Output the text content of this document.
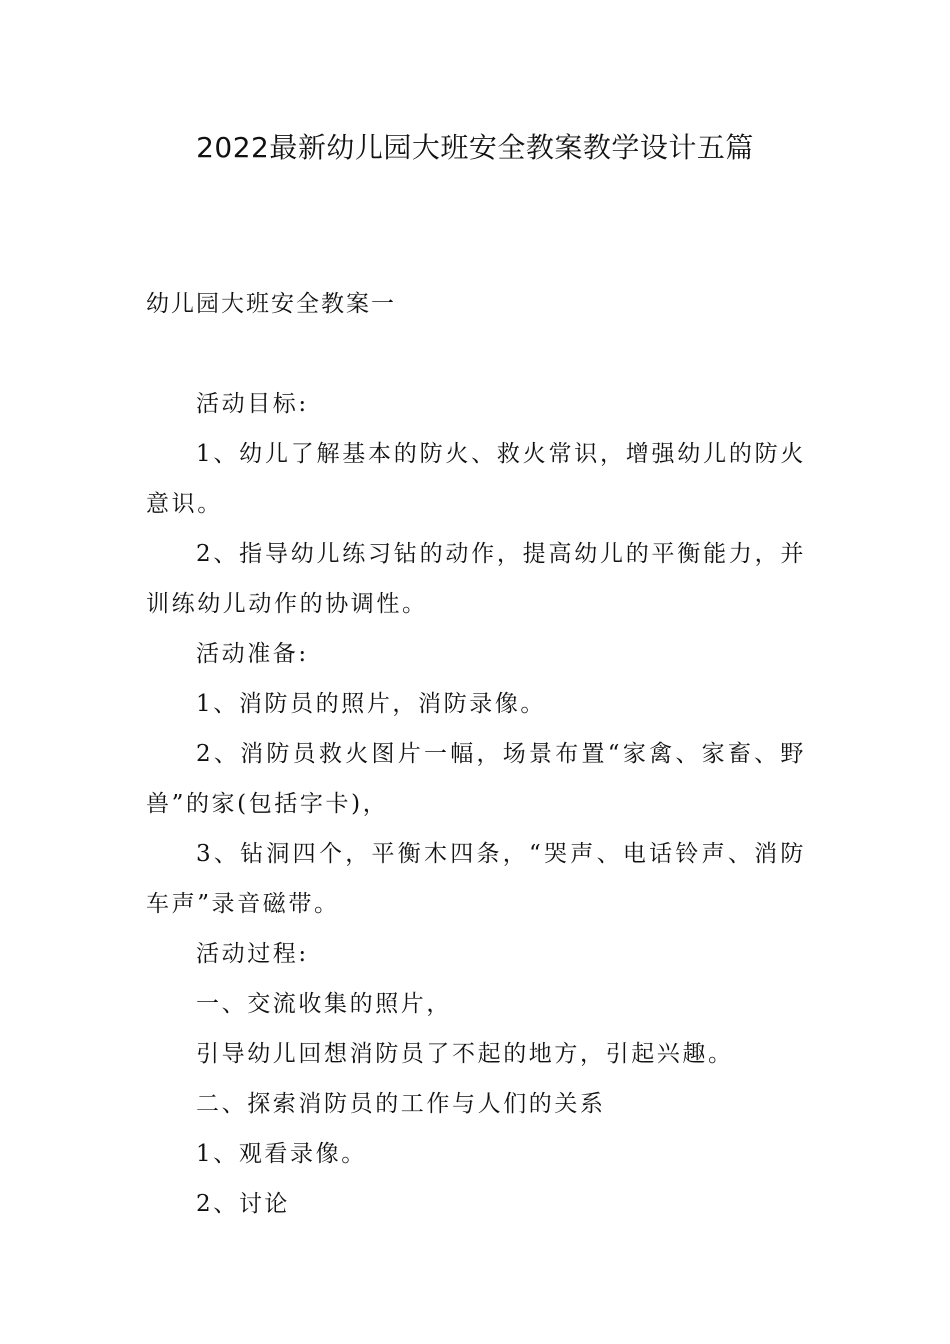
2022最新幼儿园大班安全教案教学设计五篇
幼儿园大班安全教案一

活动目标:

1、幼儿了解基本的防火、救火常识，增强幼儿的防火意识。

2、指导幼儿练习钻的动作，提高幼儿的平衡能力，并训练幼儿动作的协调性。

活动准备:

1、消防员的照片，消防录像。

2、消防员救火图片一幅，场景布置“家禽、家畜、野兽”的家(包括字卡)，

3、钻洞四个，平衡木四条，“哭声、电话铃声、消防车声”录音磁带。

活动过程:

一、交流收集的照片，

引导幼儿回想消防员了不起的地方，引起兴趣。

二、探索消防员的工作与人们的关系

1、观看录像。

2、讨论
